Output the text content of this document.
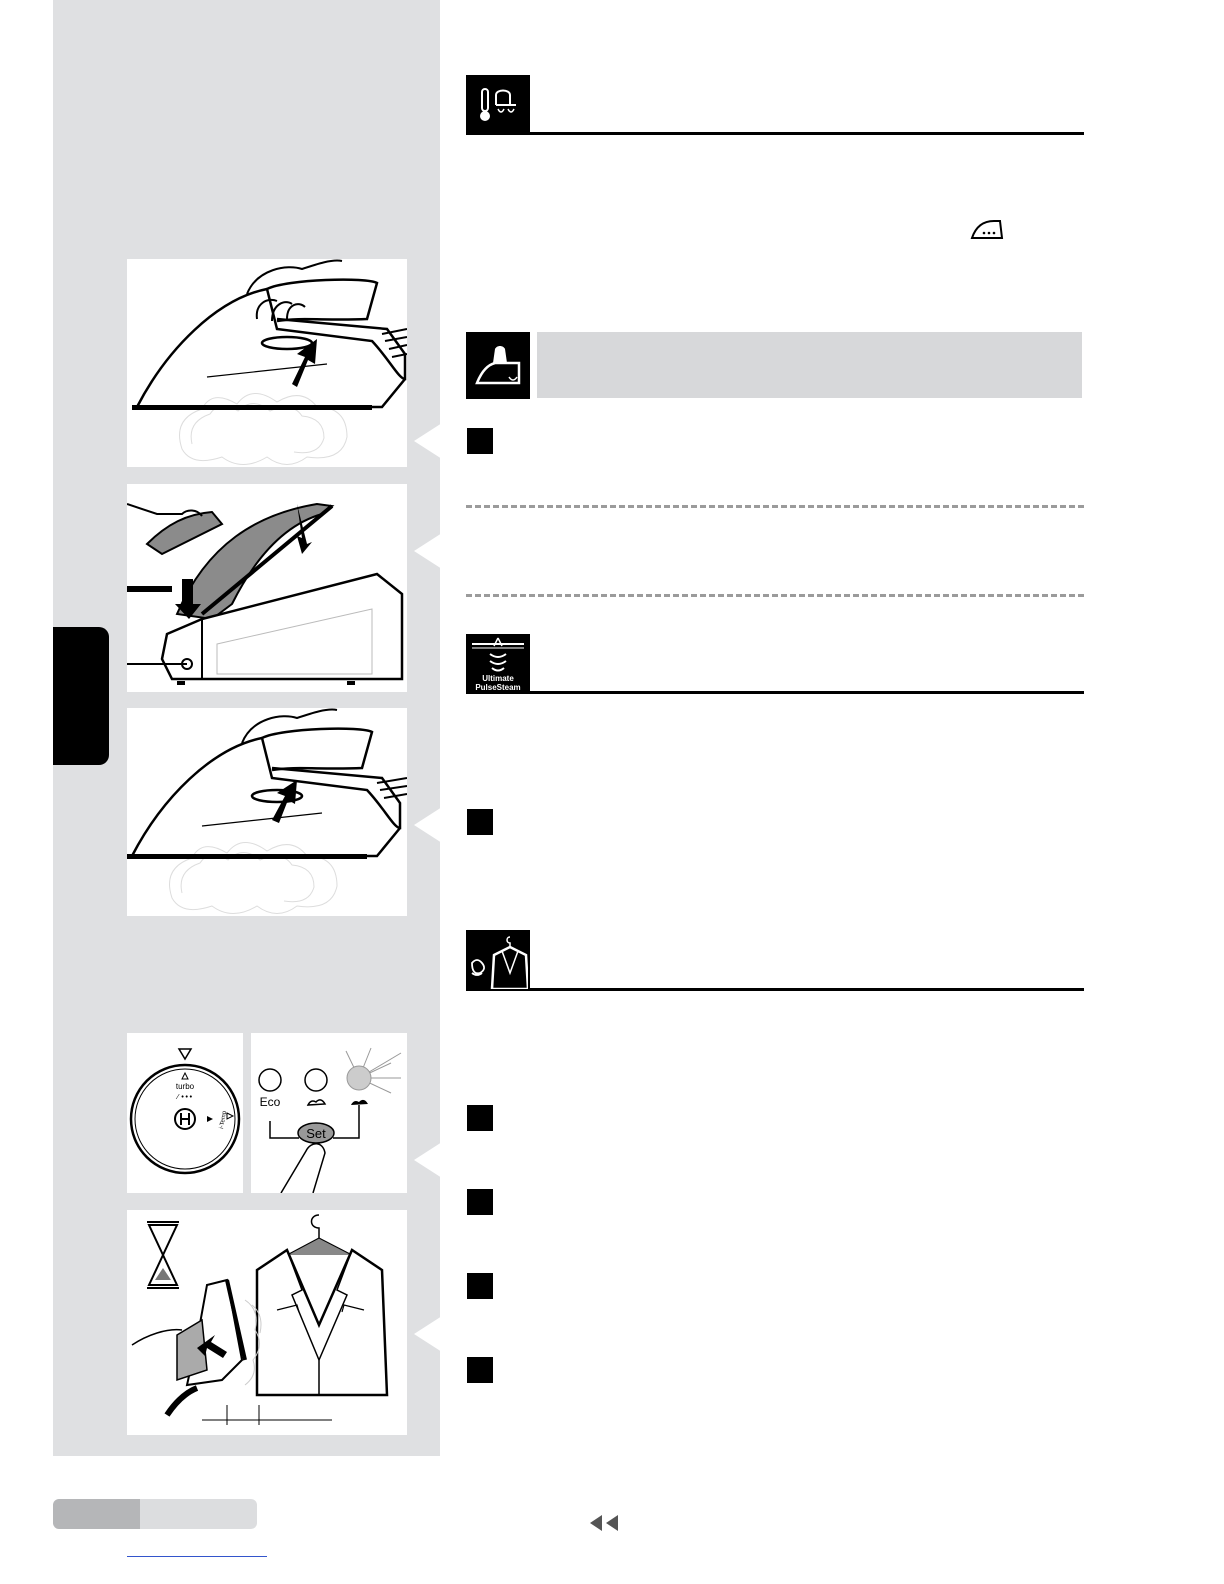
turbo
⁄ •••
i-Temp
Eco
Set
Ultimate
PulseSteam
